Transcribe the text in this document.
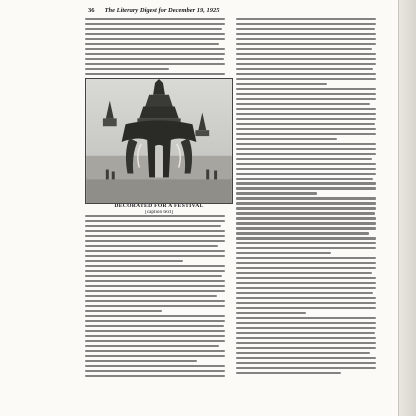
36 The Literary Digest for December 19, 1925
DECORATED FOR A FESTIVAL
[caption text]
